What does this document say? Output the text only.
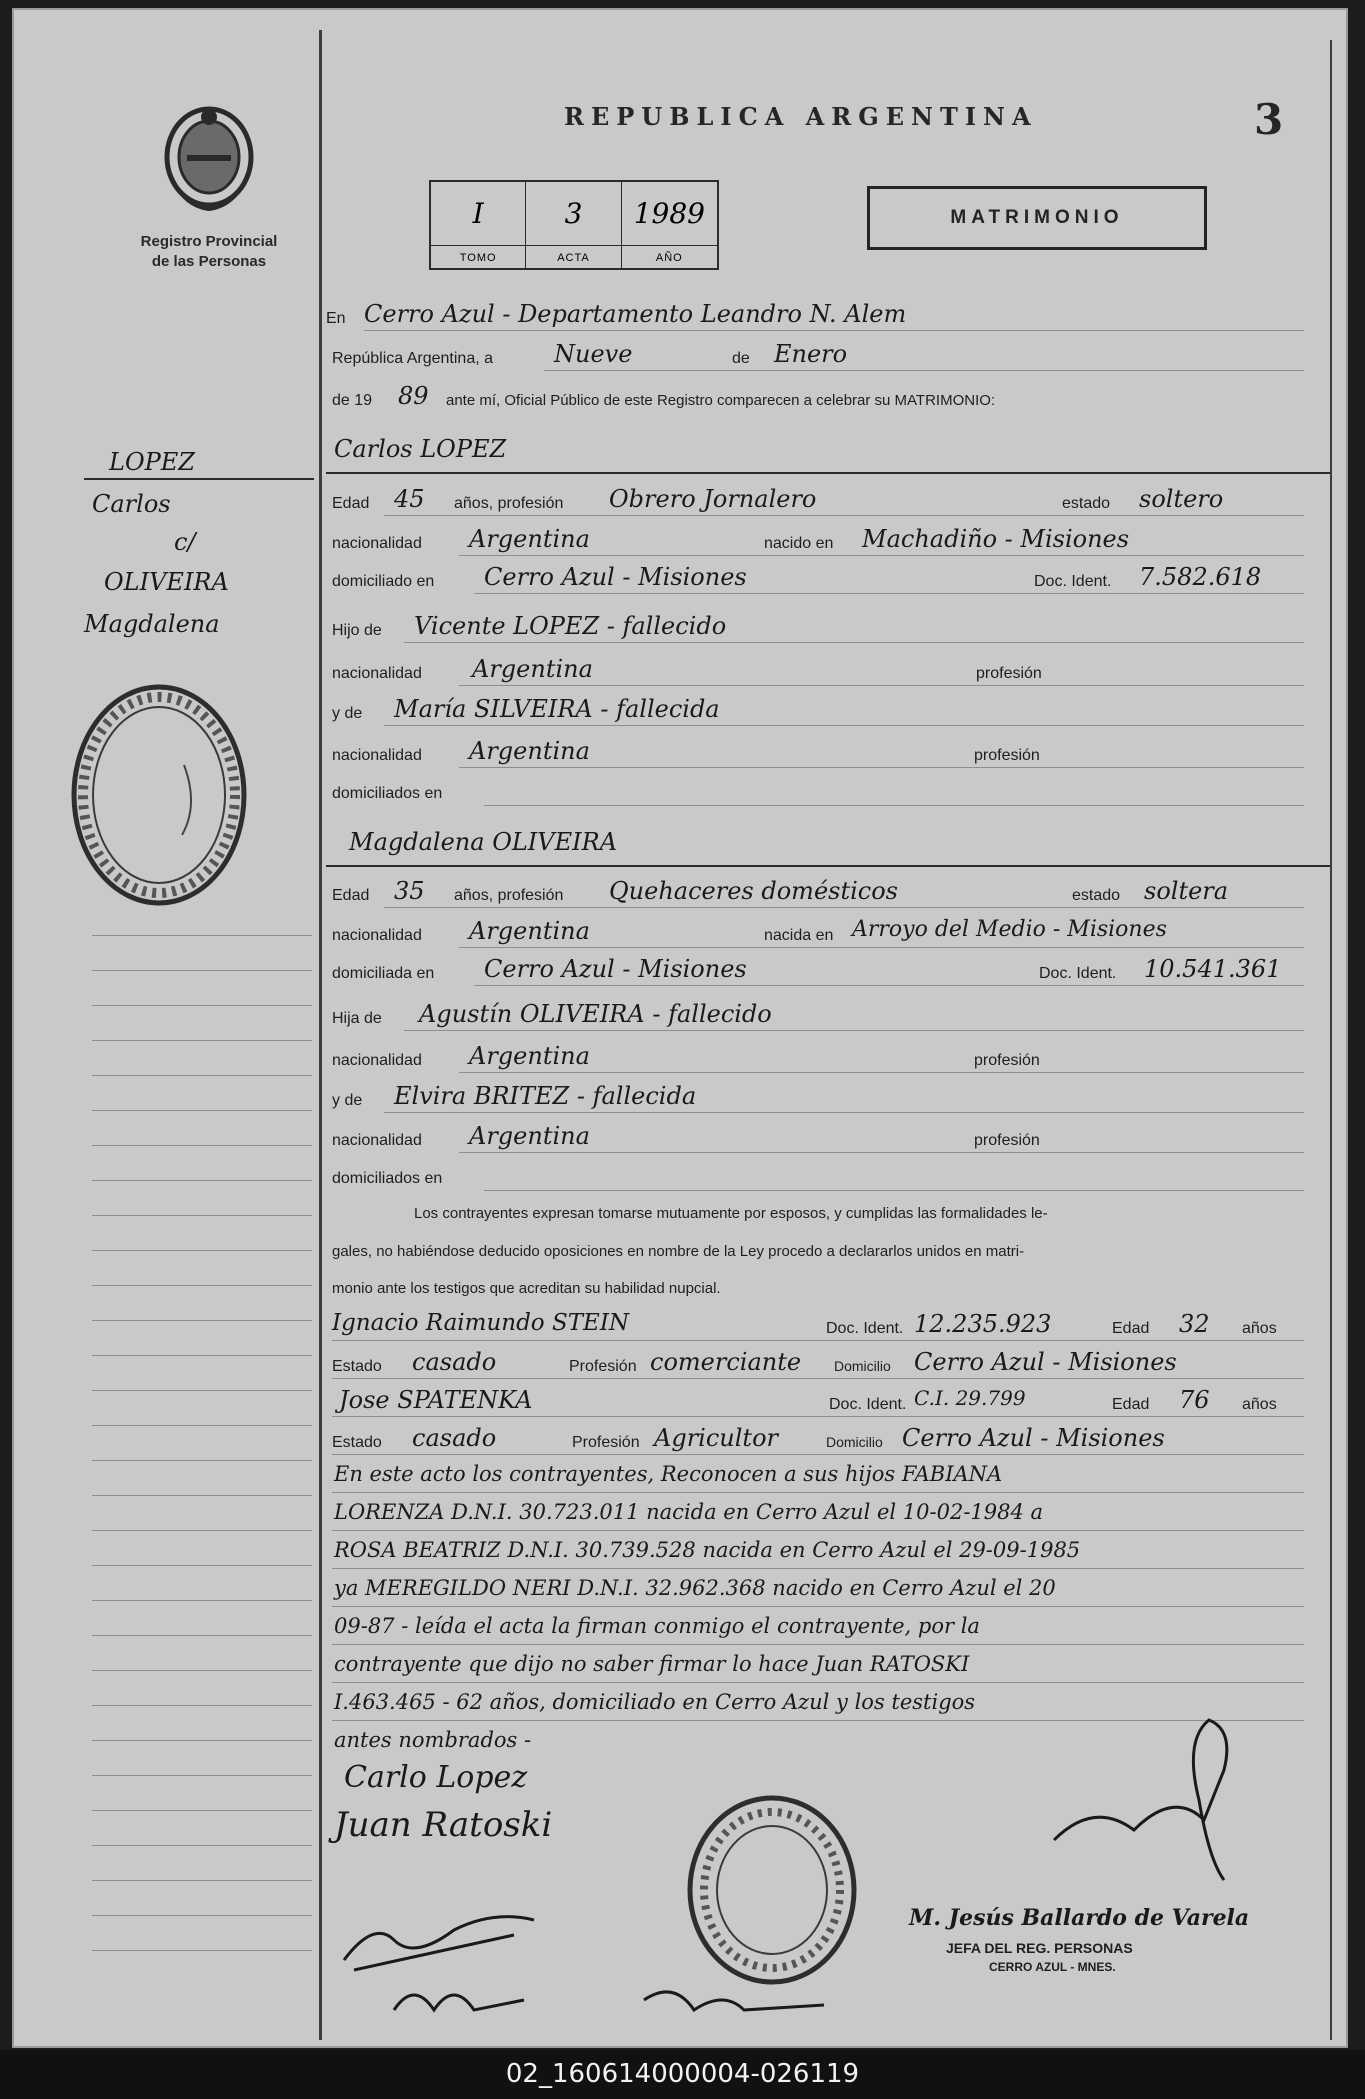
Registro Provincial
de las Personas
REPUBLICA ARGENTINA	3
I	3	1989
TOMO	ACTA	AÑO
MATRIMONIO
LOPEZ
Carlos
c/
OLIVEIRA
Magdalena
En Cerro Azul - Departamento Leandro N. Alem
República Argentina, a	Nueve	de Enero
de 19 89 ante mí, Oficial Público de este Registro comparecen a celebrar su MATRIMONIO:
Carlos LOPEZ
Edad 45 años, profesión Obrero Jornalero	estado soltero
nacionalidad Argentina	nacido en Machadiño - Misiones
domiciliado en Cerro Azul - Misiones	Doc. Ident. 7.582.618
Hijo de Vicente LOPEZ - fallecido
nacionalidad Argentina	profesión
y de María SILVEIRA - fallecida
nacionalidad Argentina	profesión
domiciliados en
Magdalena OLIVEIRA
Edad 35 años, profesión Quehaceres domésticos	estado soltera
nacionalidad Argentina	nacida en Arroyo del Medio - Misiones
domiciliada en Cerro Azul - Misiones	Doc. Ident. 10.541.361
Hija de Agustín OLIVEIRA - fallecido
nacionalidad Argentina	profesión
y de Elvira BRITEZ - fallecida
nacionalidad Argentina	profesión
domiciliados en
Los contrayentes expresan tomarse mutuamente por esposos, y cumplidas las formalidades le-
gales, no habiéndose deducido oposiciones en nombre de la Ley procedo a declararlos unidos en matri-
monio ante los testigos que acreditan su habilidad nupcial.
Ignacio Raimundo STEIN	Doc. Ident. 12.235.923	Edad 32 años
Estado casado	Profesión comerciante Domicilio Cerro Azul - Misiones
Jose SPATENKA	Doc. Ident. C.I. 29.799	Edad 76 años
Estado casado	Profesión Agricultor	Domicilio Cerro Azul - Misiones
En este acto los contrayentes, Reconocen a sus hijos FABIANA
LORENZA D.N.I. 30.723.011 nacida en Cerro Azul el 10-02-1984 a
ROSA BEATRIZ D.N.I. 30.739.528 nacida en Cerro Azul el 29-09-1985
ya MEREGILDO NERI D.N.I. 32.962.368 nacido en Cerro Azul el 20
09-87 - leída el acta la firman conmigo el contrayente, por la
contrayente que dijo no saber firmar lo hace Juan RATOSKI
I.463.465 - 62 años, domiciliado en Cerro Azul y los testigos
antes nombrados -
Carlo Lopez
Juan Ratoski
M. Jesús Ballardo de Varela
JEFA DEL REG. PERSONAS
CERRO AZUL - MNES.
02_160614000004-026119
